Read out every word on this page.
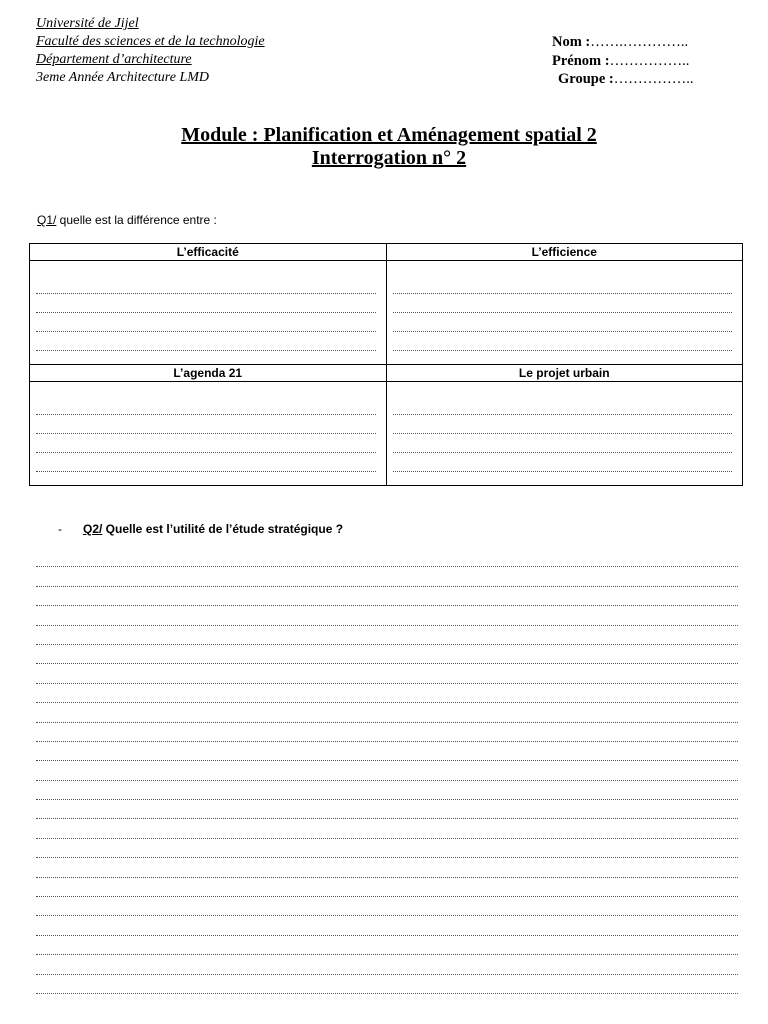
Université de Jijel
Faculté des sciences et de la technologie
Département d’architecture
3eme Année Architecture LMD
Nom :…….…………..
Prénom :……………..
Groupe :……………..
Module : Planification et Aménagement spatial 2
Interrogation n° 2
Q1/ quelle est la différence entre :
L’efficacité	L’efficience

L’agenda 21	Le projet urbain

- Q2/ Quelle est l’utilité de l’étude stratégique ?
